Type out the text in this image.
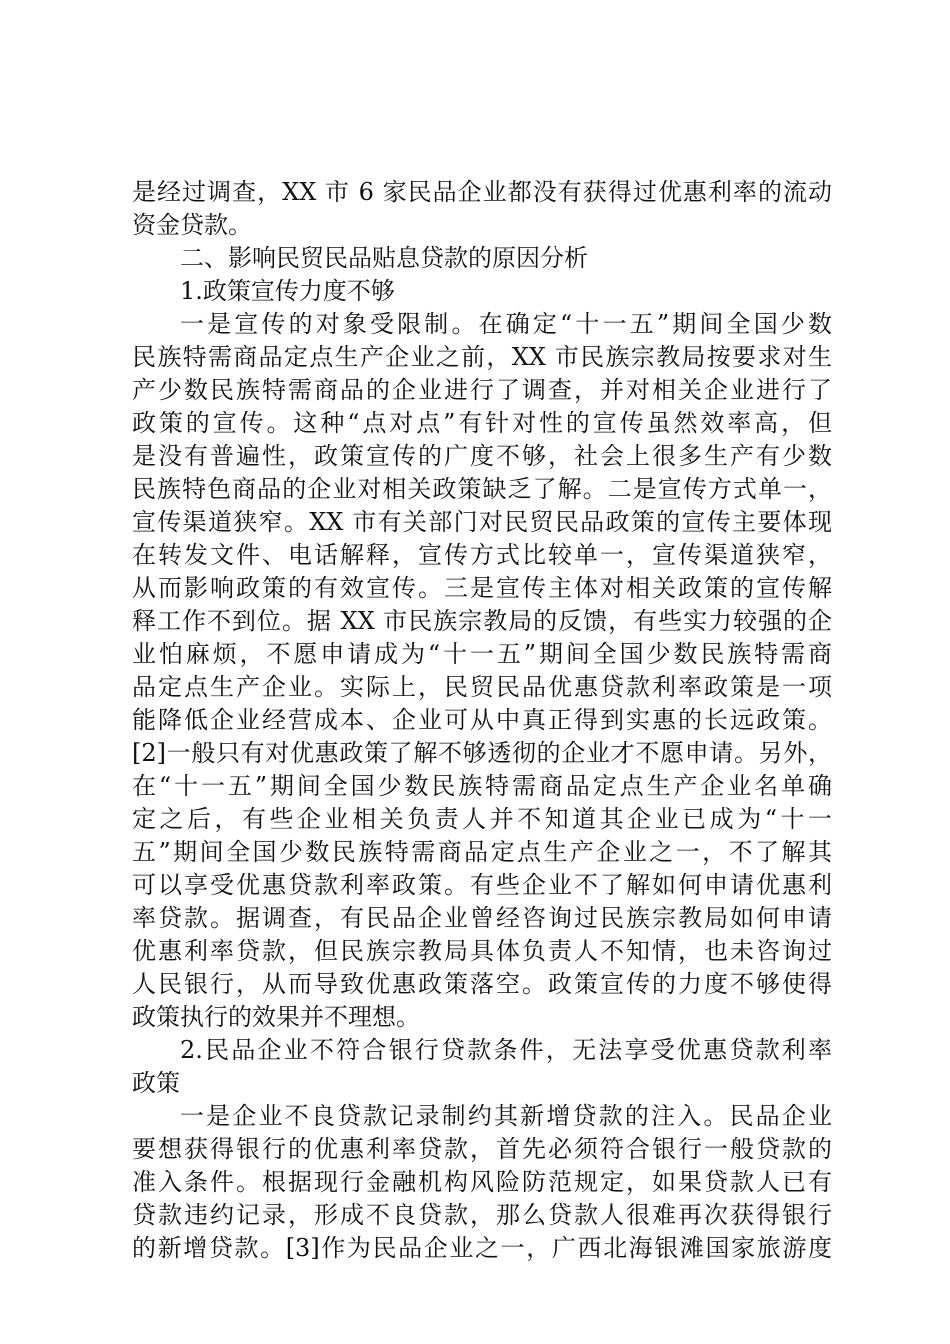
是经过调查，XX 市 6 家民品企业都没有获得过优惠利率的流动
资金贷款。
二、影响民贸民品贴息贷款的原因分析
1.政策宣传力度不够
一是宣传的对象受限制。在确定“十一五”期间全国少数
民族特需商品定点生产企业之前，XX 市民族宗教局按要求对生
产少数民族特需商品的企业进行了调查，并对相关企业进行了
政策的宣传。这种“点对点”有针对性的宣传虽然效率高，但
是没有普遍性，政策宣传的广度不够，社会上很多生产有少数
民族特色商品的企业对相关政策缺乏了解。二是宣传方式单一，
宣传渠道狭窄。XX 市有关部门对民贸民品政策的宣传主要体现
在转发文件、电话解释，宣传方式比较单一，宣传渠道狭窄，
从而影响政策的有效宣传。三是宣传主体对相关政策的宣传解
释工作不到位。据 XX 市民族宗教局的反馈，有些实力较强的企
业怕麻烦，不愿申请成为“十一五”期间全国少数民族特需商
品定点生产企业。实际上，民贸民品优惠贷款利率政策是一项
能降低企业经营成本、企业可从中真正得到实惠的长远政策。
[2]一般只有对优惠政策了解不够透彻的企业才不愿申请。另外，
在“十一五”期间全国少数民族特需商品定点生产企业名单确
定之后，有些企业相关负责人并不知道其企业已成为“十一
五”期间全国少数民族特需商品定点生产企业之一，不了解其
可以享受优惠贷款利率政策。有些企业不了解如何申请优惠利
率贷款。据调查，有民品企业曾经咨询过民族宗教局如何申请
优惠利率贷款，但民族宗教局具体负责人不知情，也未咨询过
人民银行，从而导致优惠政策落空。政策宣传的力度不够使得
政策执行的效果并不理想。
2.民品企业不符合银行贷款条件，无法享受优惠贷款利率
政策
一是企业不良贷款记录制约其新增贷款的注入。民品企业
要想获得银行的优惠利率贷款，首先必须符合银行一般贷款的
准入条件。根据现行金融机构风险防范规定，如果贷款人已有
贷款违约记录，形成不良贷款，那么贷款人很难再次获得银行
的新增贷款。[3]作为民品企业之一，广西北海银滩国家旅游度
